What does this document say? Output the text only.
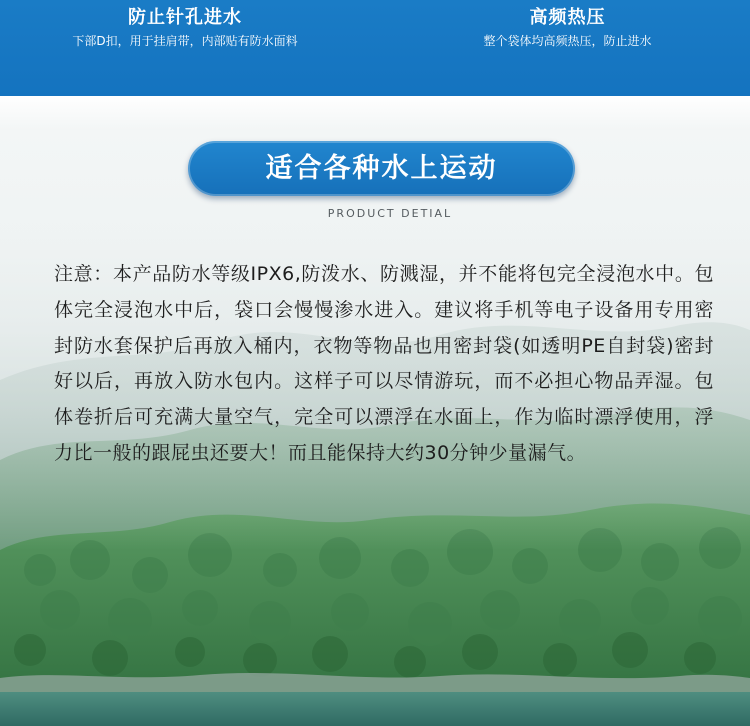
防止针孔进水
下部D扣，用于挂肩带，内部贴有防水面料
高频热压
整个袋体均高频热压，防止进水
适合各种水上运动
PRODUCT DETIAL
注意：本产品防水等级IPX6,防泼水、防溅湿，并不能将包完全浸泡水中。包体完全浸泡水中后，袋口会慢慢渗水进入。建议将手机等电子设备用专用密封防水套保护后再放入桶内，衣物等物品也用密封袋(如透明PE自封袋)密封好以后，再放入防水包内。这样子可以尽情游玩，而不必担心物品弄湿。包体卷折后可充满大量空气，完全可以漂浮在水面上，作为临时漂浮使用，浮力比一般的跟屁虫还要大！而且能保持大约30分钟少量漏气。
